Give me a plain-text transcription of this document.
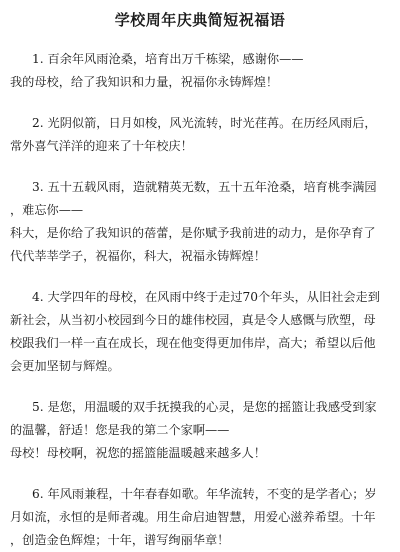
学校周年庆典简短祝福语
1. 百余年风雨沧桑，培育出万千栋梁，感谢你——
我的母校，给了我知识和力量，祝福你永铸辉煌！
2. 光阴似箭，日月如梭，风光流转，时光荏苒。在历经风雨后，
常外喜气洋洋的迎来了十年校庆！
3. 五十五载风雨，造就精英无数，五十五年沧桑，培育桃李满园
，难忘你——
科大，是你给了我知识的蓓蕾，是你赋予我前进的动力，是你孕育了
代代莘莘学子，祝福你，科大，祝福永铸辉煌！
4. 大学四年的母校，在风雨中终于走过70个年头，从旧社会走到
新社会，从当初小校园到今日的雄伟校园，真是令人感慨与欣塑，母
校跟我们一样一直在成长，现在他变得更加伟岸，高大；希望以后他
会更加坚韧与辉煌。
5. 是您，用温暖的双手抚摸我的心灵，是您的摇篮让我感受到家
的温馨，舒适！您是我的第二个家啊——
母校！母校啊，祝您的摇篮能温暖越来越多人！
6. 年风雨兼程，十年春春如歌。年华流转，不变的是学者心；岁
月如流，永恒的是师者魂。用生命启迪智慧，用爱心滋养希望。十年
，创造金色辉煌；十年，谱写绚丽华章！
